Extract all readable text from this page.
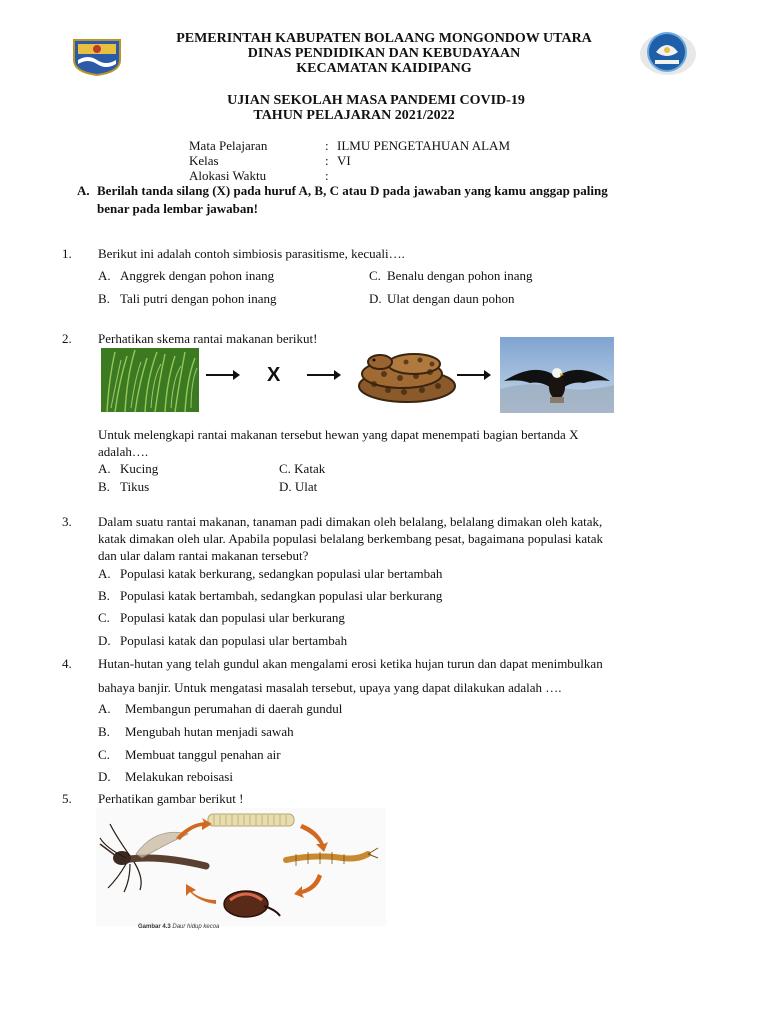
PEMERINTAH KABUPATEN BOLAANG MONGONDOW UTARA
DINAS PENDIDIKAN DAN KEBUDAYAAN
KECAMATAN KAIDIPANG
UJIAN SEKOLAH MASA PANDEMI COVID-19
TAHUN PELAJARAN 2021/2022
Mata Pelajaran	: ILMU PENGETAHUAN ALAM
Kelas	: VI
Alokasi Waktu	:
A. Berilah tanda silang (X) pada huruf A, B, C atau D pada jawaban yang kamu anggap paling
benar pada lembar jawaban!
1. Berikut ini adalah contoh simbiosis parasitisme, kecuali….
A. Anggrek dengan pohon inang
B. Tali putri dengan pohon inang
C. Benalu dengan pohon inang
D. Ulat dengan daun pohon
2. Perhatikan skema rantai makanan berikut!
X
Untuk melengkapi rantai makanan tersebut hewan yang dapat menempati bagian bertanda X
adalah….
A. Kucing
B. Tikus
C. Katak
D. Ulat
3. Dalam suatu rantai makanan, tanaman padi dimakan oleh belalang, belalang dimakan oleh katak,
katak dimakan oleh ular. Apabila populasi belalang berkembang pesat, bagaimana populasi katak
dan ular dalam rantai makanan tersebut?
A. Populasi katak berkurang, sedangkan populasi ular bertambah
B. Populasi katak bertambah, sedangkan populasi ular berkurang
C. Populasi katak dan populasi ular berkurang
D. Populasi katak dan populasi ular bertambah
4. Hutan-hutan yang telah gundul akan mengalami erosi ketika hujan turun dan dapat menimbulkan
bahaya banjir. Untuk mengatasi masalah tersebut, upaya yang dapat dilakukan adalah ….
A. Membangun perumahan di daerah gundul
B. Mengubah hutan menjadi sawah
C. Membuat tanggul penahan air
D. Melakukan reboisasi
5. Perhatikan gambar berikut !
Gambar 4.3 Daur hidup kecoa
